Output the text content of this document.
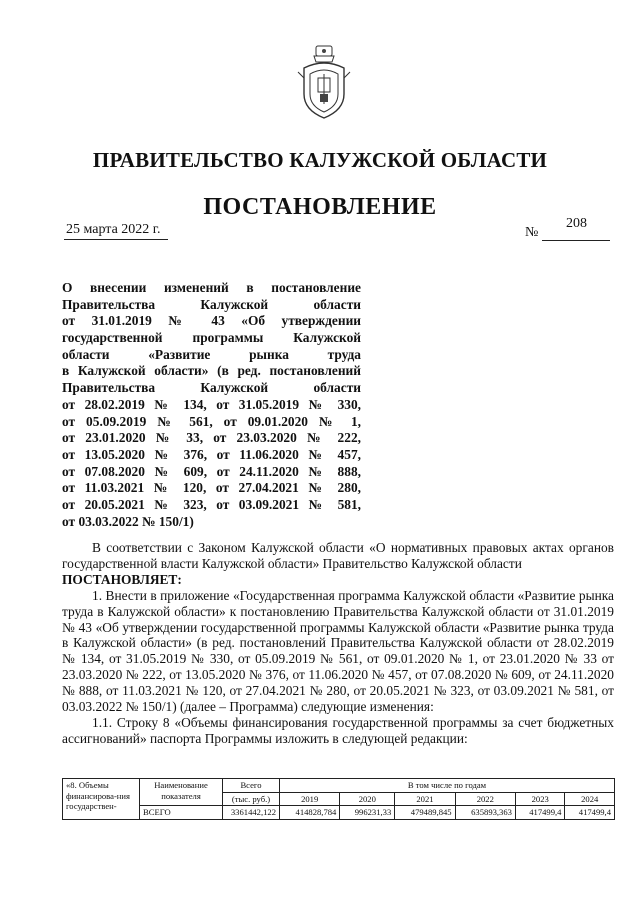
ПРАВИТЕЛЬСТВО КАЛУЖСКОЙ ОБЛАСТИ
ПОСТАНОВЛЕНИЕ
25 марта 2022 г.	№
208
О внесении изменений в постановление
Правительства Калужской области
от 31.01.2019 № 43 «Об утверждении
государственной программы Калужской
области «Развитие рынка труда
в Калужской области» (в ред. постановлений
Правительства Калужской области
от 28.02.2019 № 134, от 31.05.2019 № 330,
от 05.09.2019 № 561, от 09.01.2020 № 1,
от 23.01.2020 № 33, от 23.03.2020 № 222,
от 13.05.2020 № 376, от 11.06.2020 № 457,
от 07.08.2020 № 609, от 24.11.2020 № 888,
от 11.03.2021 № 120, от 27.04.2021 № 280,
от 20.05.2021 № 323, от 03.09.2021 № 581,
от 03.03.2022 № 150/1)

В соответствии с Законом Калужской области «О нормативных правовых актах органов государственной власти Калужской области» Правительство Калужской области

ПОСТАНОВЛЯЕТ:

1. Внести в приложение «Государственная программа Калужской области «Развитие рынка труда в Калужской области» к постановлению Правительства Калужской области от 31.01.2019 № 43 «Об утверждении государственной программы Калужской области «Развитие рынка труда в Калужской области» (в ред. постановлений Правительства Калужской области от 28.02.2019 № 134, от 31.05.2019 № 330, от 05.09.2019 № 561, от 09.01.2020 № 1, от 23.01.2020 № 33 от 23.03.2020 № 222, от 13.05.2020 № 376, от 11.06.2020 № 457, от 07.08.2020 № 609, от 24.11.2020 № 888, от 11.03.2021 № 120, от 27.04.2021 № 280, от 20.05.2021 № 323, от 03.09.2021 № 581, от 03.03.2022 № 150/1) (далее – Программа) следующие изменения:

1.1. Строку 8 «Объемы финансирования государственной программы за счет бюджетных ассигнований» паспорта Программы изложить в следующей редакции:

«8. Объемы финансирова-ния государствен-	Наименование показателя	Всего	В том числе по годам					
		(тыс. руб.)	2019	2020	2021	2022	2023	2024
	ВСЕГО	3361442,122	414828,784	996231,33	479489,845	635893,363	417499,4	417499,4
